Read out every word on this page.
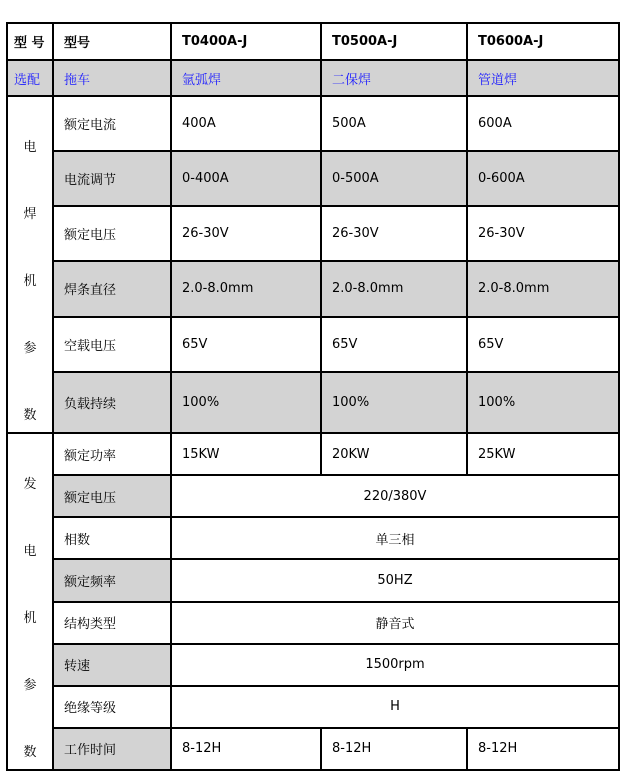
型 号	型号	T0400A-J	T0500A-J	T0600A-J
选配	拖车	氩弧焊	二保焊	管道焊

电
焊
机
参
数	额定电流	400A	500A	600A
	电流调节	0-400A	0-500A	0-600A
	额定电压	26-30V	26-30V	26-30V
	焊条直径	2.0-8.0mm	2.0-8.0mm	2.0-8.0mm
	空载电压	65V	65V	65V
	负载持续	100%	100%	100%

发
电
机
参
数	额定功率	15KW	20KW	25KW
	额定电压	220/380V		
	相数	单三相		
	额定频率	50HZ		
	结构类型	静音式		
	转速	1500rpm		
	绝缘等级	H		
	工作时间	8-12H	8-12H	8-12H
